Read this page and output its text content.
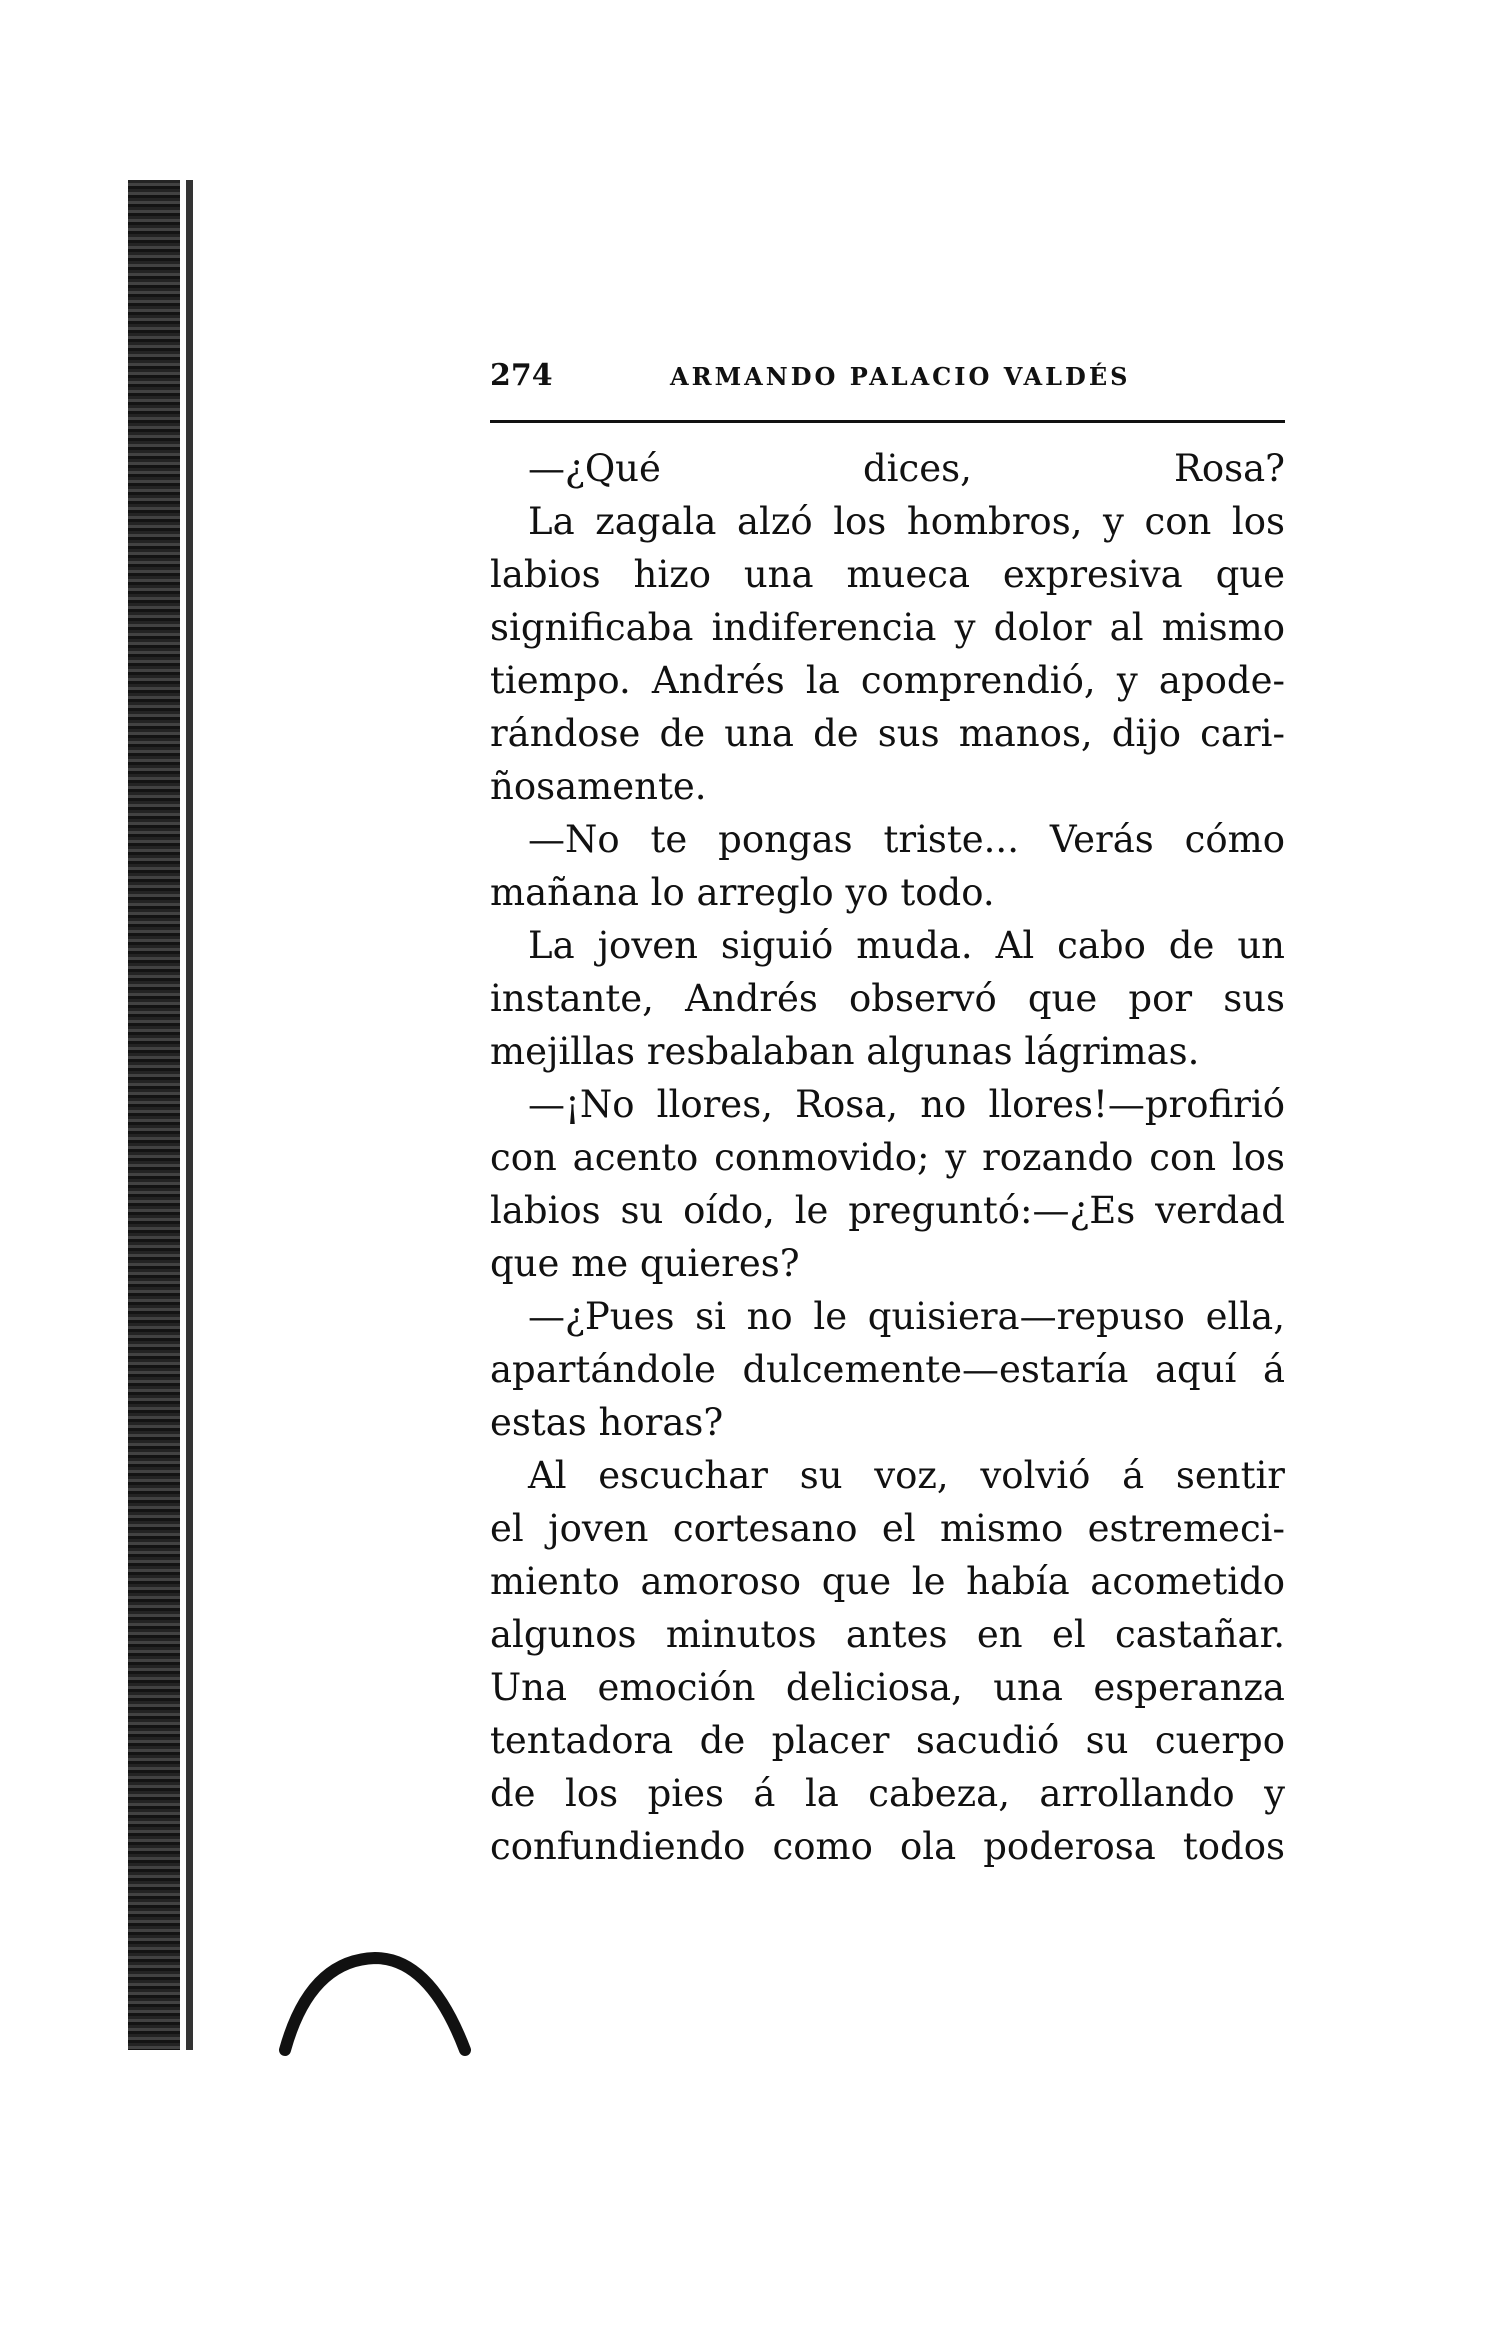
274	ARMANDO PALACIO VALDÉS
—¿Qué dices, Rosa?
La zagala alzó los hombros, y con los
labios hizo una mueca expresiva que
significaba indiferencia y dolor al mismo
tiempo. Andrés la comprendió, y apode-
rándose de una de sus manos, dijo cari-
ñosamente.
—No te pongas triste... Verás cómo
mañana lo arreglo yo todo.
La joven siguió muda. Al cabo de un
instante, Andrés observó que por sus
mejillas resbalaban algunas lágrimas.
—¡No llores, Rosa, no llores!—profirió
con acento conmovido; y rozando con los
labios su oído, le preguntó:—¿Es verdad
que me quieres?
—¿Pues si no le quisiera—repuso ella,
apartándole dulcemente—estaría aquí á
estas horas?
Al escuchar su voz, volvió á sentir
el joven cortesano el mismo estremeci-
miento amoroso que le había acometido
algunos minutos antes en el castañar.
Una emoción deliciosa, una esperanza
tentadora de placer sacudió su cuerpo
de los pies á la cabeza, arrollando y
confundiendo como ola poderosa todos
